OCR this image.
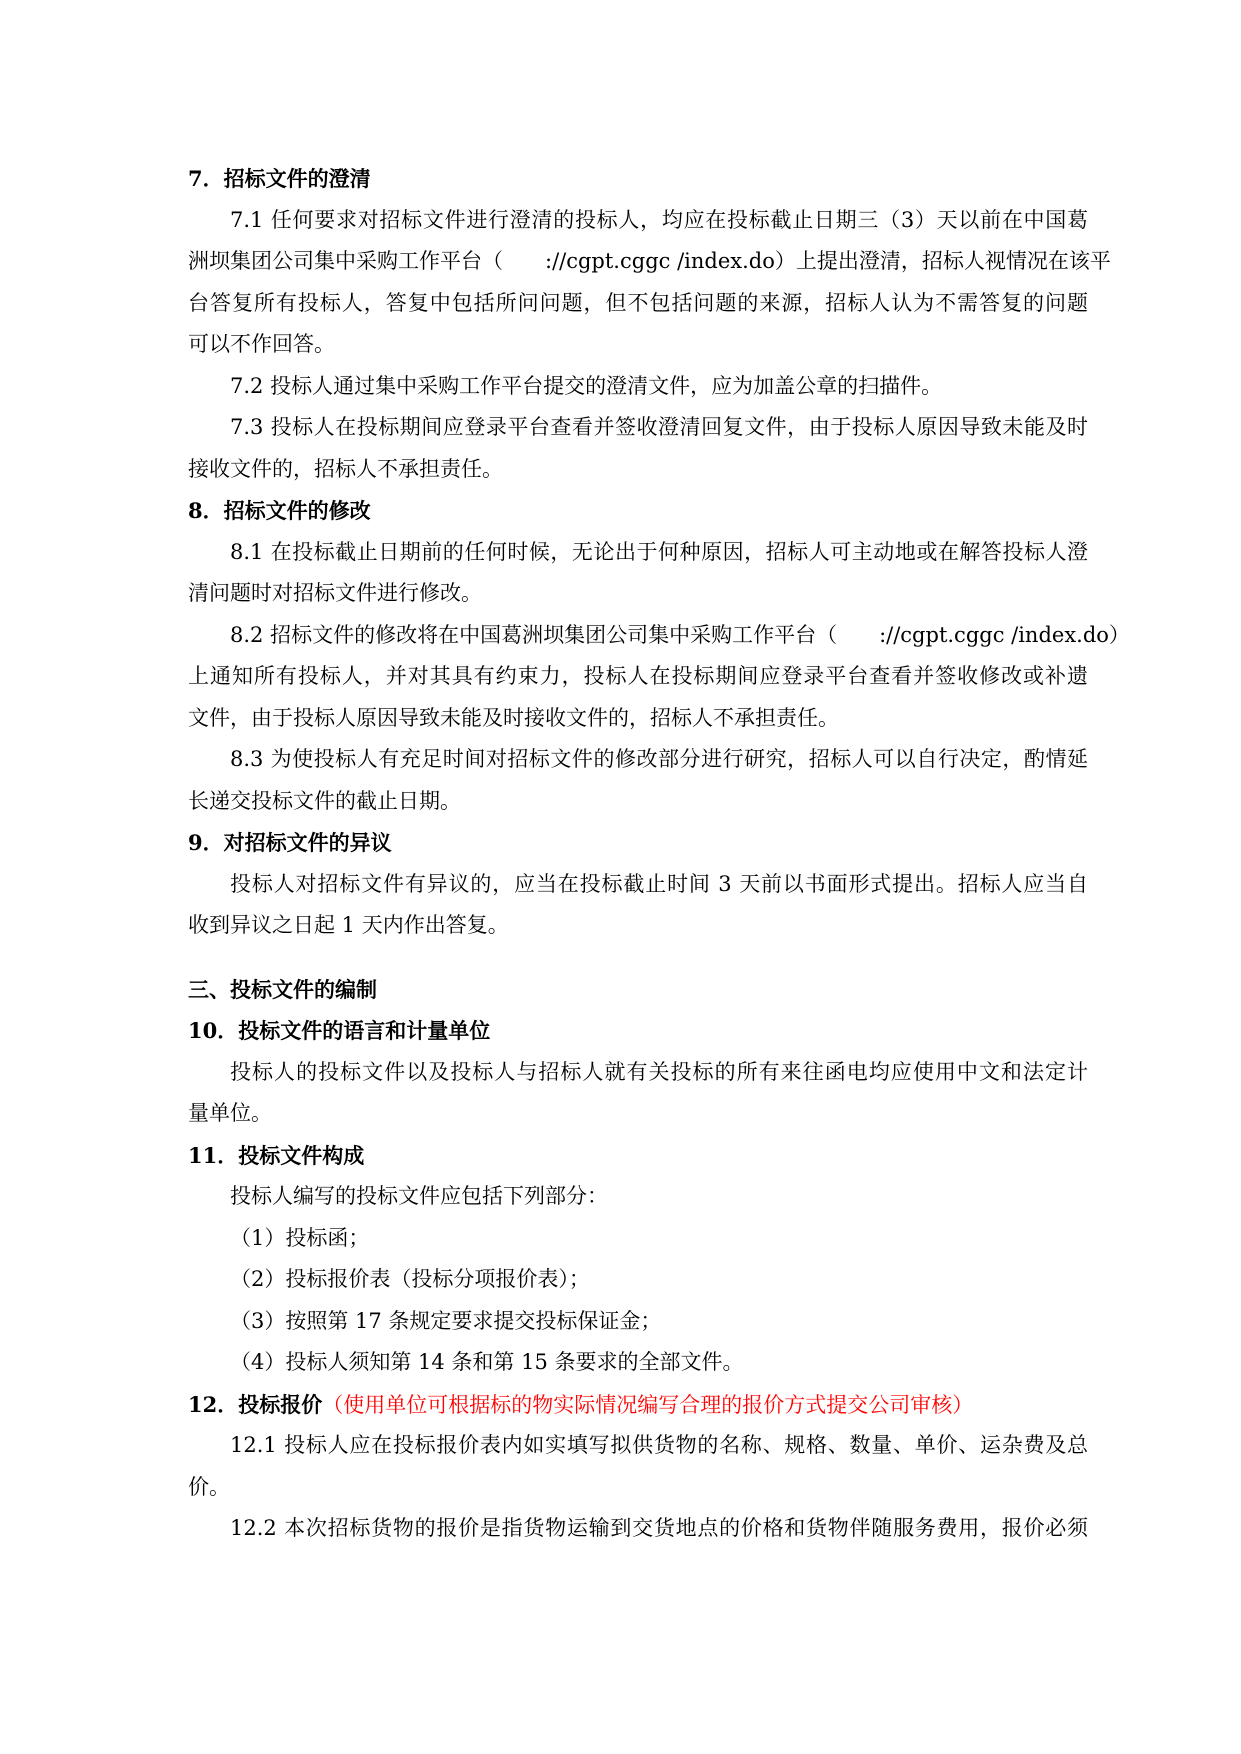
7．招标文件的澄清
7.1 任何要求对招标文件进行澄清的投标人，均应在投标截止日期三（3）天以前在中国葛
洲坝集团公司集中采购工作平台（　　://cgpt.cggc /index.do）上提出澄清，招标人视情况在该平
台答复所有投标人，答复中包括所问问题，但不包括问题的来源，招标人认为不需答复的问题
可以不作回答。
7.2 投标人通过集中采购工作平台提交的澄清文件，应为加盖公章的扫描件。
7.3 投标人在投标期间应登录平台查看并签收澄清回复文件，由于投标人原因导致未能及时
接收文件的，招标人不承担责任。
8．招标文件的修改
8.1 在投标截止日期前的任何时候，无论出于何种原因，招标人可主动地或在解答投标人澄
清问题时对招标文件进行修改。
8.2 招标文件的修改将在中国葛洲坝集团公司集中采购工作平台（　　://cgpt.cggc /index.do）
上通知所有投标人，并对其具有约束力，投标人在投标期间应登录平台查看并签收修改或补遗
文件，由于投标人原因导致未能及时接收文件的，招标人不承担责任。
8.3 为使投标人有充足时间对招标文件的修改部分进行研究，招标人可以自行决定，酌情延
长递交投标文件的截止日期。
9．对招标文件的异议
投标人对招标文件有异议的，应当在投标截止时间 3 天前以书面形式提出。招标人应当自
收到异议之日起 1 天内作出答复。
三、投标文件的编制
10．投标文件的语言和计量单位
投标人的投标文件以及投标人与招标人就有关投标的所有来往函电均应使用中文和法定计
量单位。
11．投标文件构成
投标人编写的投标文件应包括下列部分：
（1）投标函；
（2）投标报价表（投标分项报价表）；
（3）按照第 17 条规定要求提交投标保证金；
（4）投标人须知第 14 条和第 15 条要求的全部文件。
12．投标报价（使用单位可根据标的物实际情况编写合理的报价方式提交公司审核）
12.1 投标人应在投标报价表内如实填写拟供货物的名称、规格、数量、单价、运杂费及总
价。
12.2 本次招标货物的报价是指货物运输到交货地点的价格和货物伴随服务费用，报价必须
